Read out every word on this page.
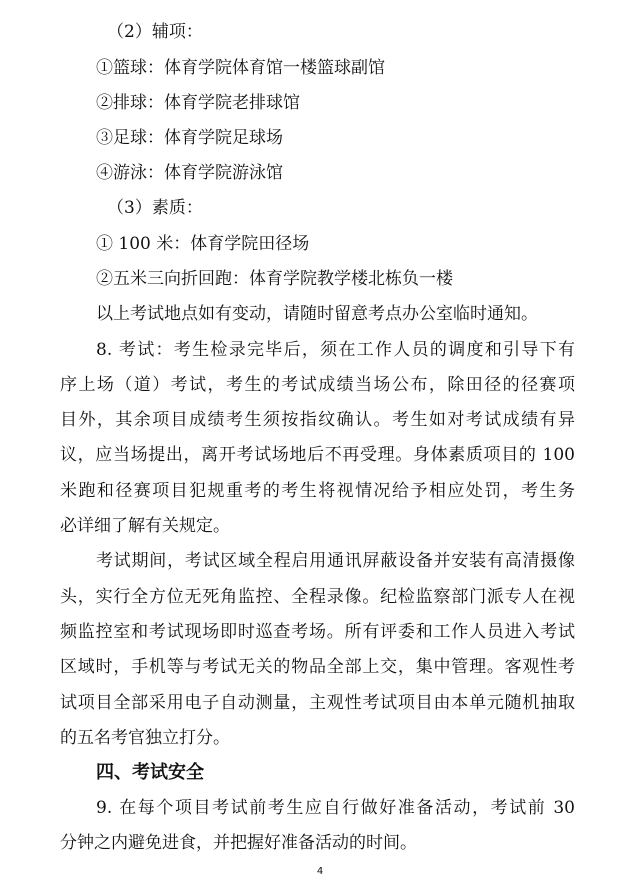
（2）辅项：
①篮球：体育学院体育馆一楼篮球副馆
②排球：体育学院老排球馆
③足球：体育学院足球场
④游泳：体育学院游泳馆
（3）素质：
① 100 米：体育学院田径场
②五米三向折回跑：体育学院教学楼北栋负一楼
以上考试地点如有变动，请随时留意考点办公室临时通知。
8. 考试：考生检录完毕后，须在工作人员的调度和引导下有
序上场（道）考试，考生的考试成绩当场公布，除田径的径赛项
目外，其余项目成绩考生须按指纹确认。考生如对考试成绩有异
议，应当场提出，离开考试场地后不再受理。身体素质项目的 100
米跑和径赛项目犯规重考的考生将视情况给予相应处罚，考生务
必详细了解有关规定。
考试期间，考试区域全程启用通讯屏蔽设备并安装有高清摄像
头，实行全方位无死角监控、全程录像。纪检监察部门派专人在视
频监控室和考试现场即时巡查考场。所有评委和工作人员进入考试
区域时，手机等与考试无关的物品全部上交，集中管理。客观性考
试项目全部采用电子自动测量，主观性考试项目由本单元随机抽取
的五名考官独立打分。
四、考试安全
9. 在每个项目考试前考生应自行做好准备活动，考试前 30
分钟之内避免进食，并把握好准备活动的时间。
4
